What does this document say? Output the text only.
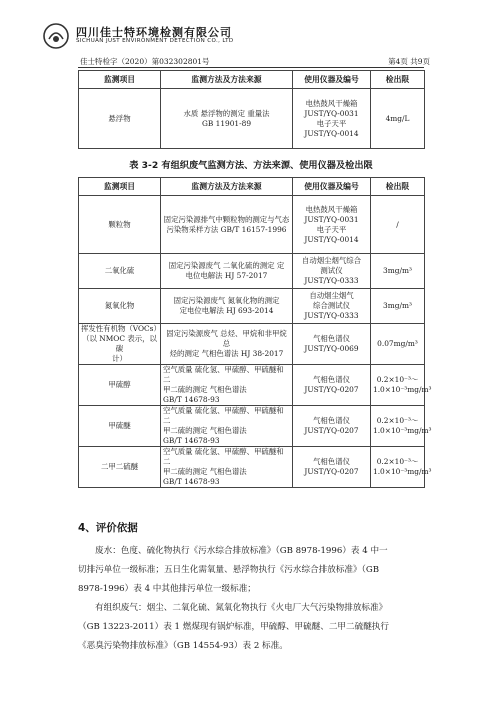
四川佳士特环境检测有限公司
SICHUAN JUST ENVIRONMENT DETECTION CO., LTD
佳士特检字（2020）第032302801号	第4页 共9页
监测项目	监测方法及方法来源	使用仪器及编号	检出限
悬浮物	水质 悬浮物的测定 重量法
GB 11901-89	电热鼓风干燥箱
JUST/YQ-0031
电子天平
JUST/YQ-0014	4mg/L
表 3-2 有组织废气监测方法、方法来源、使用仪器及检出限
监测项目	监测方法及方法来源	使用仪器及编号	检出限

颗粒物	固定污染源排气中颗粒物的测定与气态
污染物采样方法 GB/T 16157-1996	电热鼓风干燥箱
JUST/YQ-0031
电子天平
JUST/YQ-0014	/

二氧化硫	固定污染源废气 二氧化硫的测定 定
电位电解法 HJ 57-2017	自动烟尘烟气综合
测试仪
JUST/YQ-0333	3mg/m³

氮氧化物	固定污染源废气 氮氧化物的测定
定电位电解法 HJ 693-2014	自动烟尘烟气
综合测试仪
JUST/YQ-0333	3mg/m³

挥发性有机物（VOCs）
（以 NMOC 表示，以碳
计）	固定污染源废气 总烃、甲烷和非甲烷总
烃的测定 气相色谱法 HJ 38-2017	气相色谱仪
JUST/YQ-0069	0.07mg/m³

甲硫醇	空气质量 硫化氢、甲硫醇、甲硫醚和二
甲二硫的测定 气相色谱法
GB/T 14678-93	气相色谱仪
JUST/YQ-0207	0.2×10⁻³～
1.0×10⁻³mg/m³

甲硫醚	空气质量 硫化氢、甲硫醇、甲硫醚和二
甲二硫的测定 气相色谱法
GB/T 14678-93	气相色谱仪
JUST/YQ-0207	0.2×10⁻³～
1.0×10⁻³mg/m³

二甲二硫醚	空气质量 硫化氢、甲硫醇、甲硫醚和二
甲二硫的测定 气相色谱法
GB/T 14678-93	气相色谱仪
JUST/YQ-0207	0.2×10⁻³～
1.0×10⁻³mg/m³
4、评价依据
废水：色度、硫化物执行《污水综合排放标准》（GB 8978-1996）表 4 中一
切排污单位一级标准；五日生化需氧量、悬浮物执行《污水综合排放标准》（GB
8978-1996）表 4 中其他排污单位一级标准；
有组织废气：烟尘、二氧化硫、氮氧化物执行《火电厂大气污染物排放标准》
（GB 13223-2011）表 1 燃煤现有锅炉标准，甲硫醇、甲硫醚、二甲二硫醚执行
《恶臭污染物排放标准》（GB 14554-93）表 2 标准。
